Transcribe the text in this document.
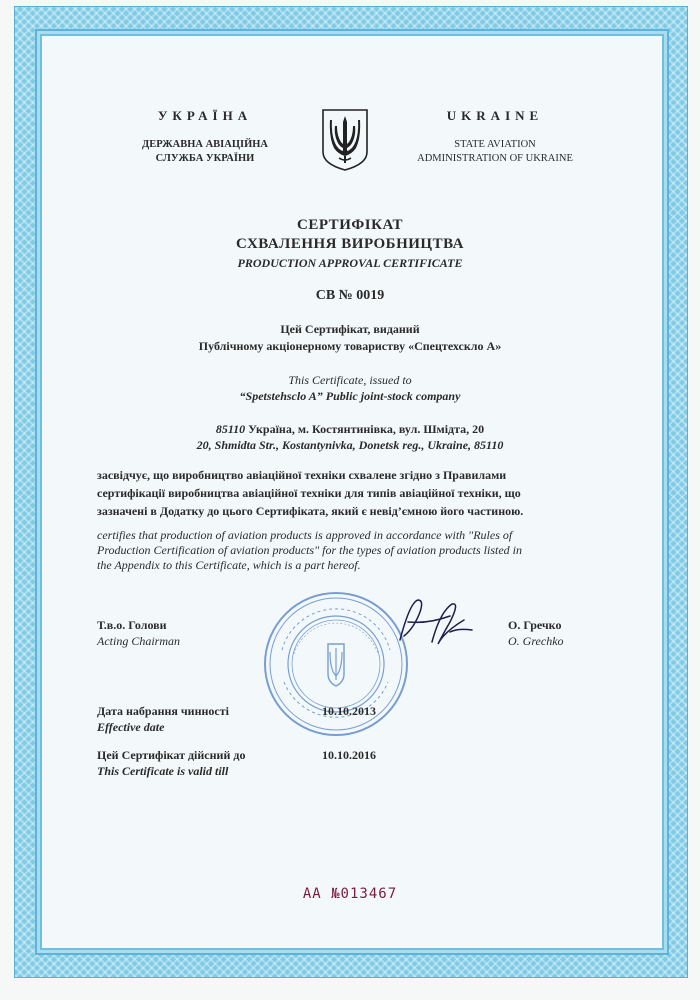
УКРАЇНА
ДЕРЖАВНА АВІАЦІЙНА
СЛУЖБА УКРАЇНИ
UKRAINE
STATE AVIATION
ADMINISTRATION OF UKRAINE
СЕРТИФІКАТ
СХВАЛЕННЯ ВИРОБНИЦТВА
PRODUCTION APPROVAL CERTIFICATE
СВ № 0019
Цей Сертифікат, виданий
Публічному акціонерному товариству «Спецтехскло А»
This Certificate, issued to
“Spetstehsclo A” Public joint-stock company
85110 Україна, м. Костянтинівка, вул. Шмідта, 20
20, Shmidta Str., Kostantynivka, Donetsk reg., Ukraine, 85110
засвідчує, що виробництво авіаційної техніки схвалене згідно з Правилами
сертифікації виробництва авіаційної техніки для типів авіаційної техніки, що
зазначені в Додатку до цього Сертифіката, який є невід’ємною його частиною.
certifies that production of aviation products is approved in accordance with "Rules of
Production Certification of aviation products" for the types of aviation products listed in
the Appendix to this Certificate, which is a part hereof.
Т.в.о. Голови
Acting Chairman
О. Гречко
O. Grechko
Дата набрання чинності
Effective date
10.10.2013
Цей Сертифікат дійсний до
This Certificate is valid till
10.10.2016
АА №013467
